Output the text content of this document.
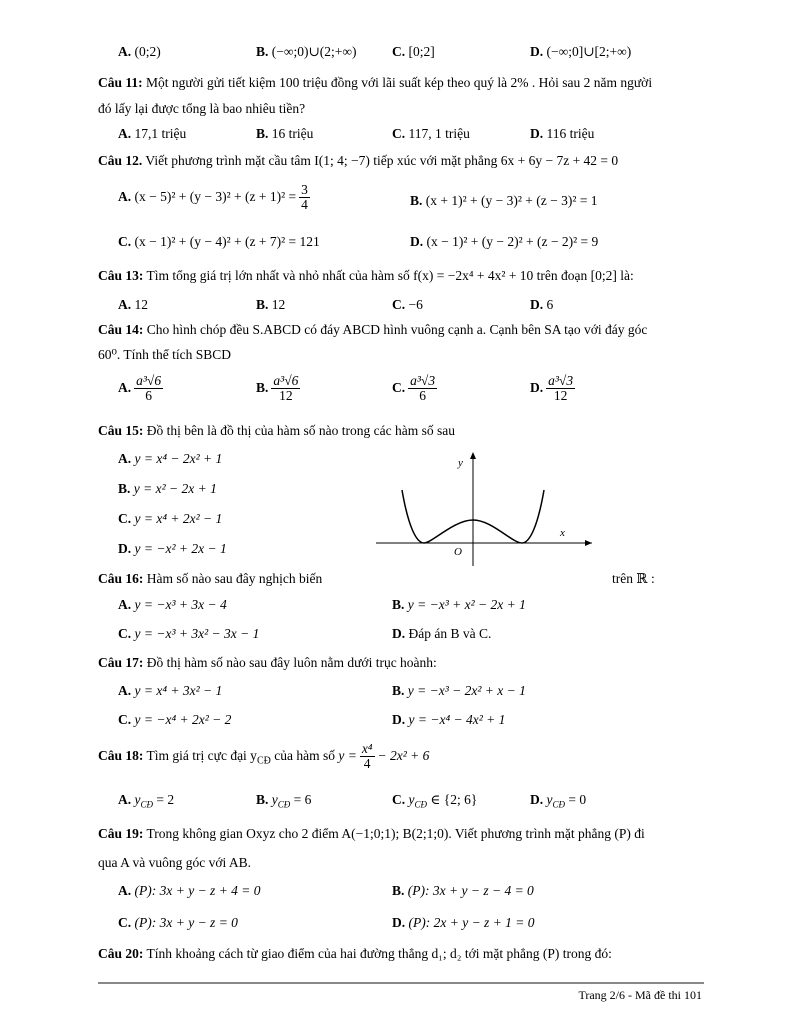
A. (0;2)	B. (−∞;0)∪(2;+∞)	C. [0;2]	D. (−∞;0]∪[2;+∞)
Câu 11: Một người gửi tiết kiệm 100 triệu đồng với lãi suất kép theo quý là 2% . Hỏi sau 2 năm người
đó lấy lại được tổng là bao nhiêu tiền?
A. 17,1 triệu	B. 16 triệu	C. 117, 1 triệu	D. 116 triệu
Câu 12. Viết phương trình mặt cầu tâm I(1; 4; −7) tiếp xúc với mặt phẳng 6x + 6y − 7z + 42 = 0
A. $(x - 5)^2 + (y - 3)^2 + (z + 1)^2 = \frac{3}{4}$	B. (x + 1)² + (y − 3)² + (z − 3)² = 1
C. (x − 1)² + (y − 4)² + (z + 7)² = 121	D. (x − 1)² + (y − 2)² + (z − 2)² = 9
Câu 13: Tìm tổng giá trị lớn nhất và nhỏ nhất của hàm số f(x) = −2x⁴ + 4x² + 10 trên đoạn [0;2] là:
A. 12	B. 12	C. −6	D. 6
Câu 14: Cho hình chóp đều S.ABCD có đáy ABCD hình vuông cạnh a. Cạnh bên SA tạo với đáy góc
60⁰. Tính thể tích SBCD
A. $\frac{\text{a³√6}}{6}$	B. $\frac{\text{a³√6}}{12}$	C. $\frac{\text{a³√3}}{6}$	D. $\frac{\text{a³√3}}{12}$
Câu 15: Đồ thị bên là đồ thị của hàm số nào trong các hàm số sau
A. y = x⁴ − 2x² + 1
B. y = x² − 2x + 1
C. y = x⁴ + 2x² − 1
D. y = −x² + 2x − 1
y
x
O
Câu 16: Hàm số nào sau đây nghịch biến	trên ℝ :
A. y = −x³ + 3x − 4	B. y = −x³ + x² − 2x + 1
C. y = −x³ + 3x² − 3x − 1	D. Đáp án B và C.
Câu 17: Đồ thị hàm số nào sau đây luôn nằm dưới trục hoành:
A. y = x⁴ + 3x² − 1	B. y = −x³ − 2x² + x − 1
C. y = −x⁴ + 2x² − 2	D. y = −x⁴ − 4x² + 1
Câu 18: Tìm giá trị cực đại $y_{CĐ}$ của hàm số $y = \frac{\text{x⁴}}{4} - 2x^2 + 6$
A. $y_{CĐ} = 2$	B. $y_{CĐ} = 6$	C. $y_{CĐ}$ ∈ {2; 6}	D. $y_{CĐ} = 0$
Câu 19: Trong không gian Oxyz cho 2 điểm A(−1;0;1); B(2;1;0). Viết phương trình mặt phẳng (P) đi
qua A và vuông góc với AB.
A. (P): 3x + y − z + 4 = 0	B. (P): 3x + y − z − 4 = 0
C. (P): 3x + y − z = 0	D. (P): 2x + y − z + 1 = 0
Câu 20: Tính khoảng cách từ giao điểm của hai đường thẳng d₁; d₂ tới mặt phẳng (P) trong đó:
Trang 2/6 - Mã đề thi 101
